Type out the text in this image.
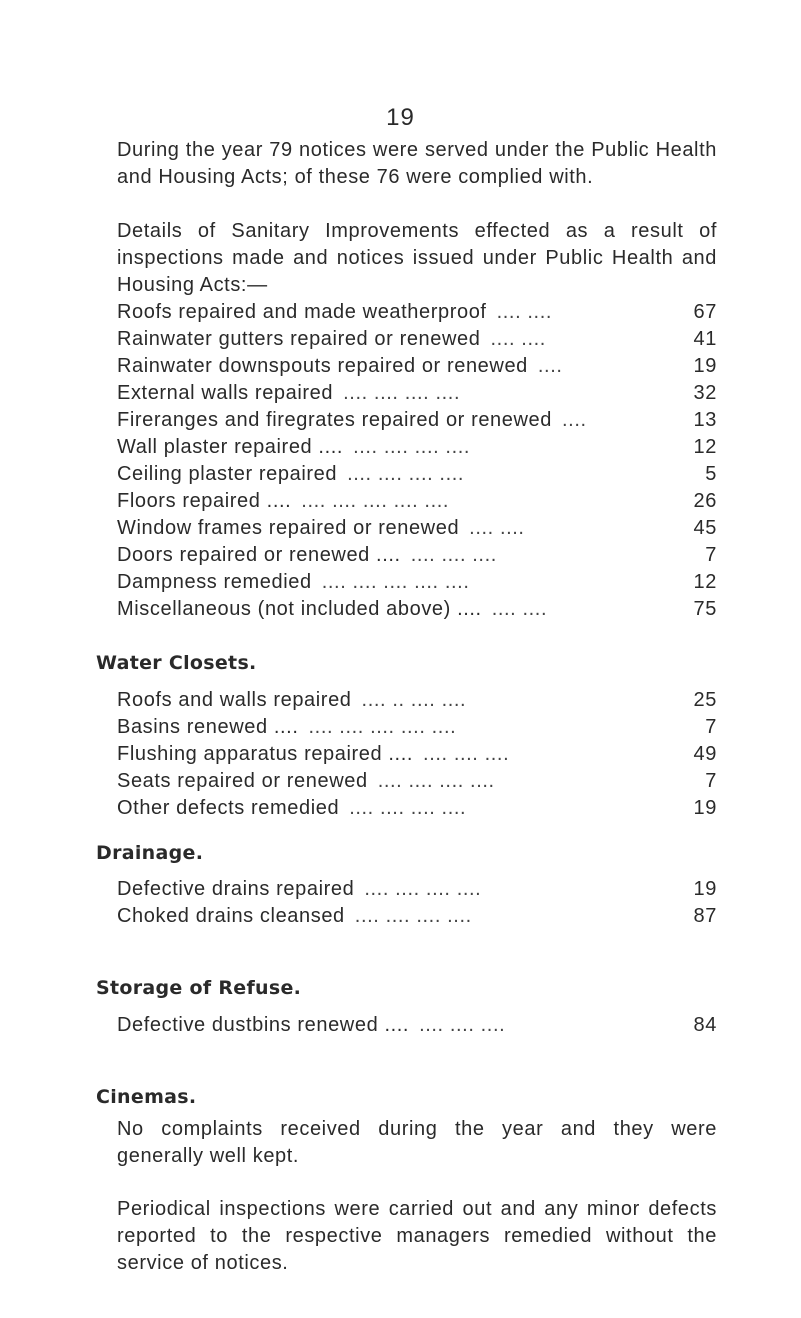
19

During the year 79 notices were served under the Public Health and Housing Acts; of these 76 were complied with.

Details of Sanitary Improvements effected as a result of inspections made and notices issued under Public Health and Housing Acts:—

Roofs repaired and made weatherproof .... ....	67
Rainwater gutters repaired or renewed .... ....	41
Rainwater downspouts repaired or renewed ....	19
External walls repaired .... .... .... ....	32
Fireranges and firegrates repaired or renewed ....	13
Wall plaster repaired .... .... .... .... ....	12
Ceiling plaster repaired .... .... .... ....	5
Floors repaired .... .... .... .... .... ....	26
Window frames repaired or renewed .... ....	45
Doors repaired or renewed .... .... .... ....	7
Dampness remedied .... .... .... .... ....	12
Miscellaneous (not included above) .... .... ....	75
Water Closets.
Roofs and walls repaired .... .. .... ....	25
Basins renewed .... .... .... .... .... ....	7
Flushing apparatus repaired .... .... .... ....	49
Seats repaired or renewed .... .... .... ....	7
Other defects remedied .... .... .... ....	19
Drainage.
Defective drains repaired .... .... .... ....	19
Choked drains cleansed .... .... .... ....	87
Storage of Refuse.
Defective dustbins renewed .... .... .... ....	84
Cinemas.

No complaints received during the year and they were generally well kept.

Periodical inspections were carried out and any minor defects reported to the respective managers remedied without the service of notices.
